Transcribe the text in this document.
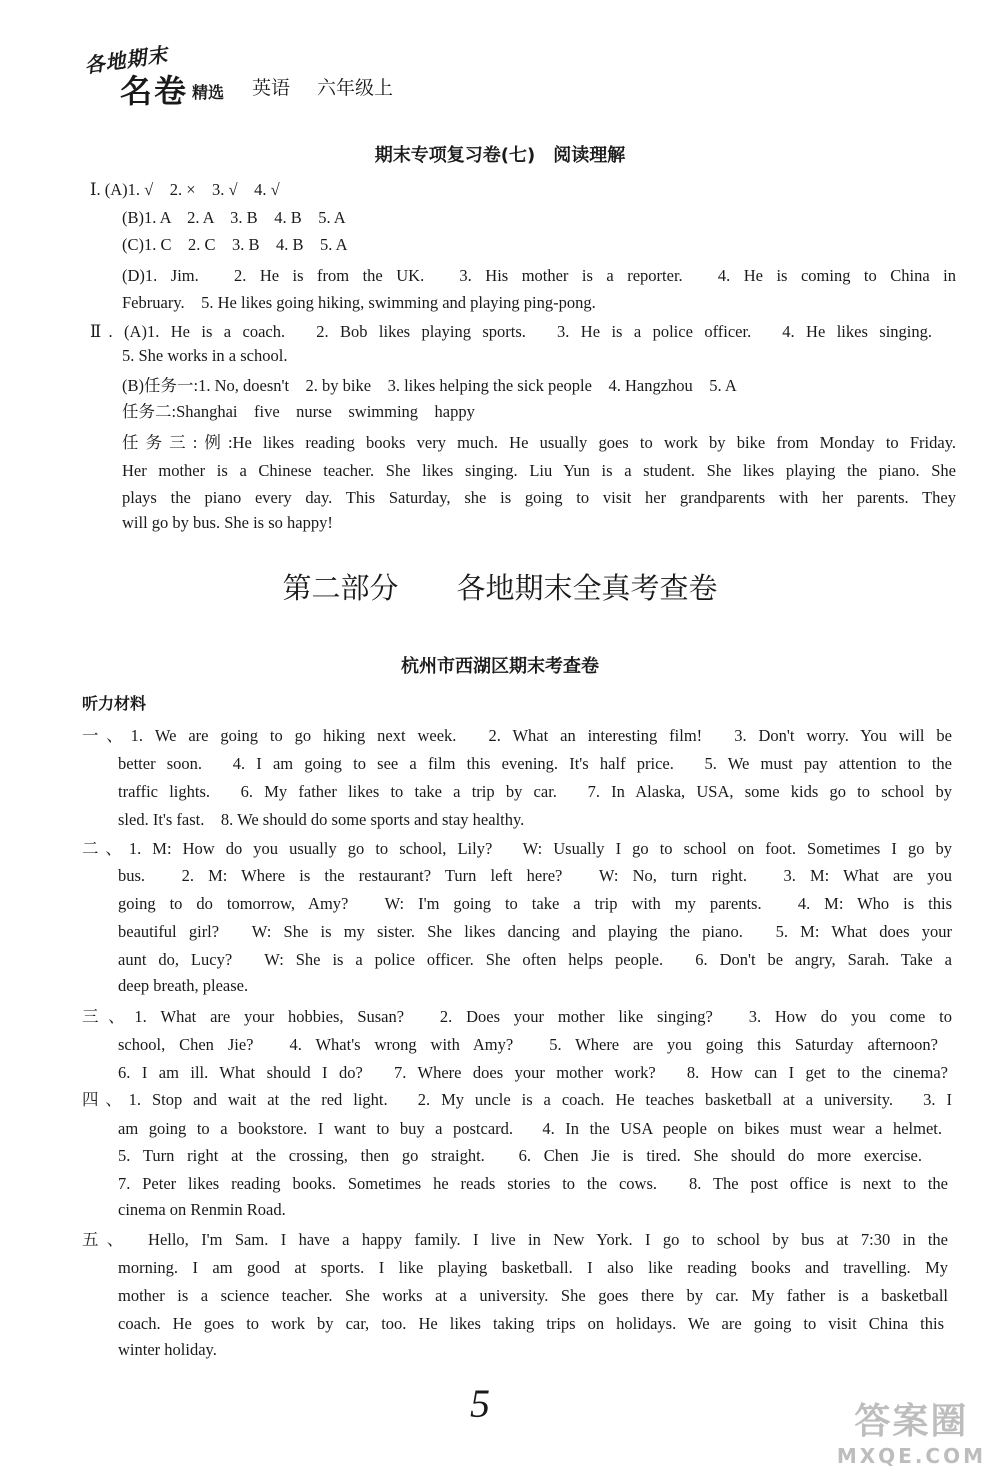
各地期末
名卷 精选 英语 六年级上
期末专项复习卷(七)　阅读理解
Ⅰ. (A)1. √　2. ×　3. √　4. √
(B)1. A　2. A　3. B　4. B　5. A
(C)1. C　2. C　3. B　4. B　5. A
(D)1. Jim.　2. He is from the UK.　3. His mother is a reporter.　4. He is coming to China in
February.　5. He likes going hiking, swimming and playing ping-pong.
Ⅱ. (A)1. He is a coach.　2. Bob likes playing sports.　3. He is a police officer.　4. He likes singing.
5. She works in a school.
(B)任务一:1. No, doesn't　2. by bike　3. likes helping the sick people　4. Hangzhou　5. A
任务二:Shanghai　five　nurse　swimming　happy
任务三:例:He likes reading books very much. He usually goes to work by bike from Monday to Friday.
Her mother is a Chinese teacher. She likes singing. Liu Yun is a student. She likes playing the piano. She
plays the piano every day. This Saturday, she is going to visit her grandparents with her parents. They
will go by bus. She is so happy!
第二部分　　各地期末全真考查卷
杭州市西湖区期末考查卷
听力材料
一、1. We are going to go hiking next week.　2. What an interesting film!　3. Don't worry. You will be
better soon.　4. I am going to see a film this evening. It's half price.　5. We must pay attention to the
traffic lights.　6. My father likes to take a trip by car.　7. In Alaska, USA, some kids go to school by
sled. It's fast.　8. We should do some sports and stay healthy.
二、1. M: How do you usually go to school, Lily?　W: Usually I go to school on foot. Sometimes I go by
bus.　2. M: Where is the restaurant? Turn left here?　W: No, turn right.　3. M: What are you
going to do tomorrow, Amy?　W: I'm going to take a trip with my parents.　4. M: Who is this
beautiful girl?　W: She is my sister. She likes dancing and playing the piano.　5. M: What does your
aunt do, Lucy?　W: She is a police officer. She often helps people.　6. Don't be angry, Sarah. Take a
deep breath, please.
三、1. What are your hobbies, Susan?　2. Does your mother like singing?　3. How do you come to
school, Chen Jie?　4. What's wrong with Amy?　5. Where are you going this Saturday afternoon?
6. I am ill. What should I do?　7. Where does your mother work?　8. How can I get to the cinema?
四、1. Stop and wait at the red light.　2. My uncle is a coach. He teaches basketball at a university.　3. I
am going to a bookstore. I want to buy a postcard.　4. In the USA people on bikes must wear a helmet.
5. Turn right at the crossing, then go straight.　6. Chen Jie is tired. She should do more exercise.
7. Peter likes reading books. Sometimes he reads stories to the cows.　8. The post office is next to the
cinema on Renmin Road.
五、　Hello, I'm Sam. I have a happy family. I live in New York. I go to school by bus at 7:30 in the
morning. I am good at sports. I like playing basketball. I also like reading books and travelling. My
mother is a science teacher. She works at a university. She goes there by car. My father is a basketball
coach. He goes to work by car, too. He likes taking trips on holidays. We are going to visit China this
winter holiday.
5	答案圈
MXQE.COM
